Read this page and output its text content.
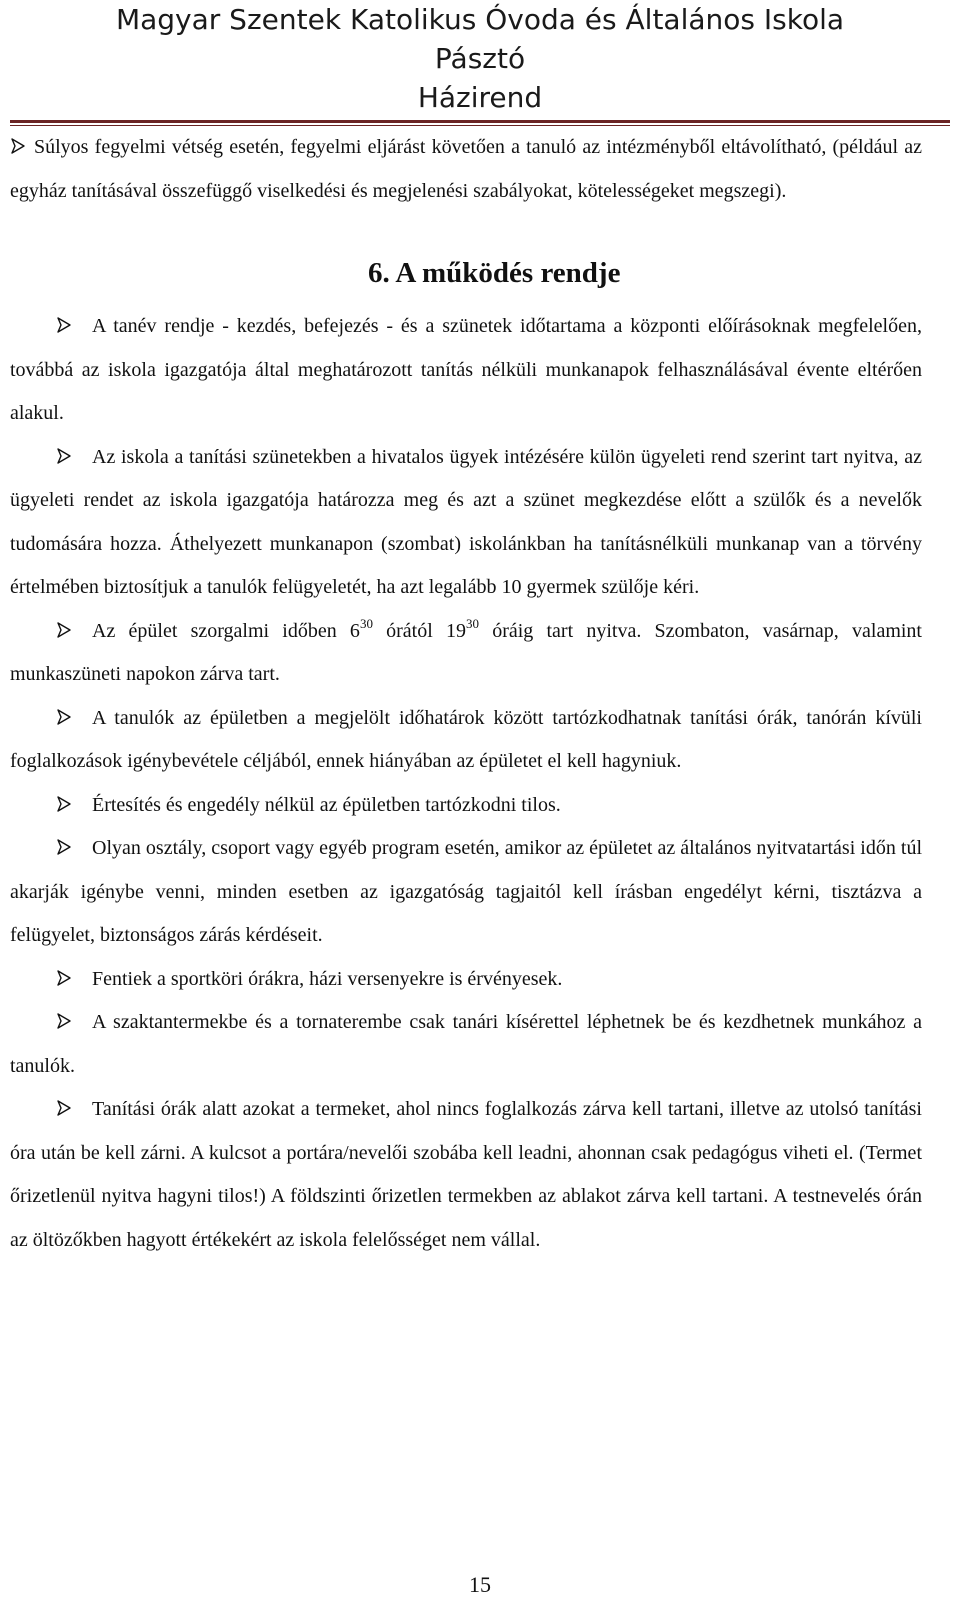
Magyar Szentek Katolikus Óvoda és Általános Iskola
Pásztó
Házirend

Súlyos fegyelmi vétség esetén, fegyelmi eljárást követően a tanuló az intézményből eltávolítható, (például az egyház tanításával összefüggő viselkedési és megjelenési szabályokat, kötelességeket megszegi).

6. A működés rendje

A tanév rendje - kezdés, befejezés - és a szünetek időtartama a központi előírásoknak megfelelően, továbbá az iskola igazgatója által meghatározott tanítás nélküli munkanapok felhasználásával évente eltérően alakul.

Az iskola a tanítási szünetekben a hivatalos ügyek intézésére külön ügyeleti rend szerint tart nyitva, az ügyeleti rendet az iskola igazgatója határozza meg és azt a szünet megkezdése előtt a szülők és a nevelők tudomására hozza. Áthelyezett munkanapon (szombat) iskolánkban ha tanításnélküli munkanap van a törvény értelmében biztosítjuk a tanulók felügyeletét, ha azt legalább 10 gyermek szülője kéri.

Az épület szorgalmi időben $6^{30}$ órától $19^{30}$ óráig tart nyitva. Szombaton, vasárnap, valamint munkaszüneti napokon zárva tart.

A tanulók az épületben a megjelölt időhatárok között tartózkodhatnak tanítási órák, tanórán kívüli foglalkozások igénybevétele céljából, ennek hiányában az épületet el kell hagyniuk.

Értesítés és engedély nélkül az épületben tartózkodni tilos.

Olyan osztály, csoport vagy egyéb program esetén, amikor az épületet az általános nyitvatartási időn túl akarják igénybe venni, minden esetben az igazgatóság tagjaitól kell írásban engedélyt kérni, tisztázva a felügyelet, biztonságos zárás kérdéseit.

Fentiek a sportköri órákra, házi versenyekre is érvényesek.

A szaktantermekbe és a tornaterembe csak tanári kísérettel léphetnek be és kezdhetnek munkához a tanulók.

Tanítási órák alatt azokat a termeket, ahol nincs foglalkozás zárva kell tartani, illetve az utolsó tanítási óra után be kell zárni. A kulcsot a portára/nevelői szobába kell leadni, ahonnan csak pedagógus viheti el. (Termet őrizetlenül nyitva hagyni tilos!) A földszinti őrizetlen termekben az ablakot zárva kell tartani. A testnevelés órán az öltözőkben hagyott értékekért az iskola felelősséget nem vállal.

15
